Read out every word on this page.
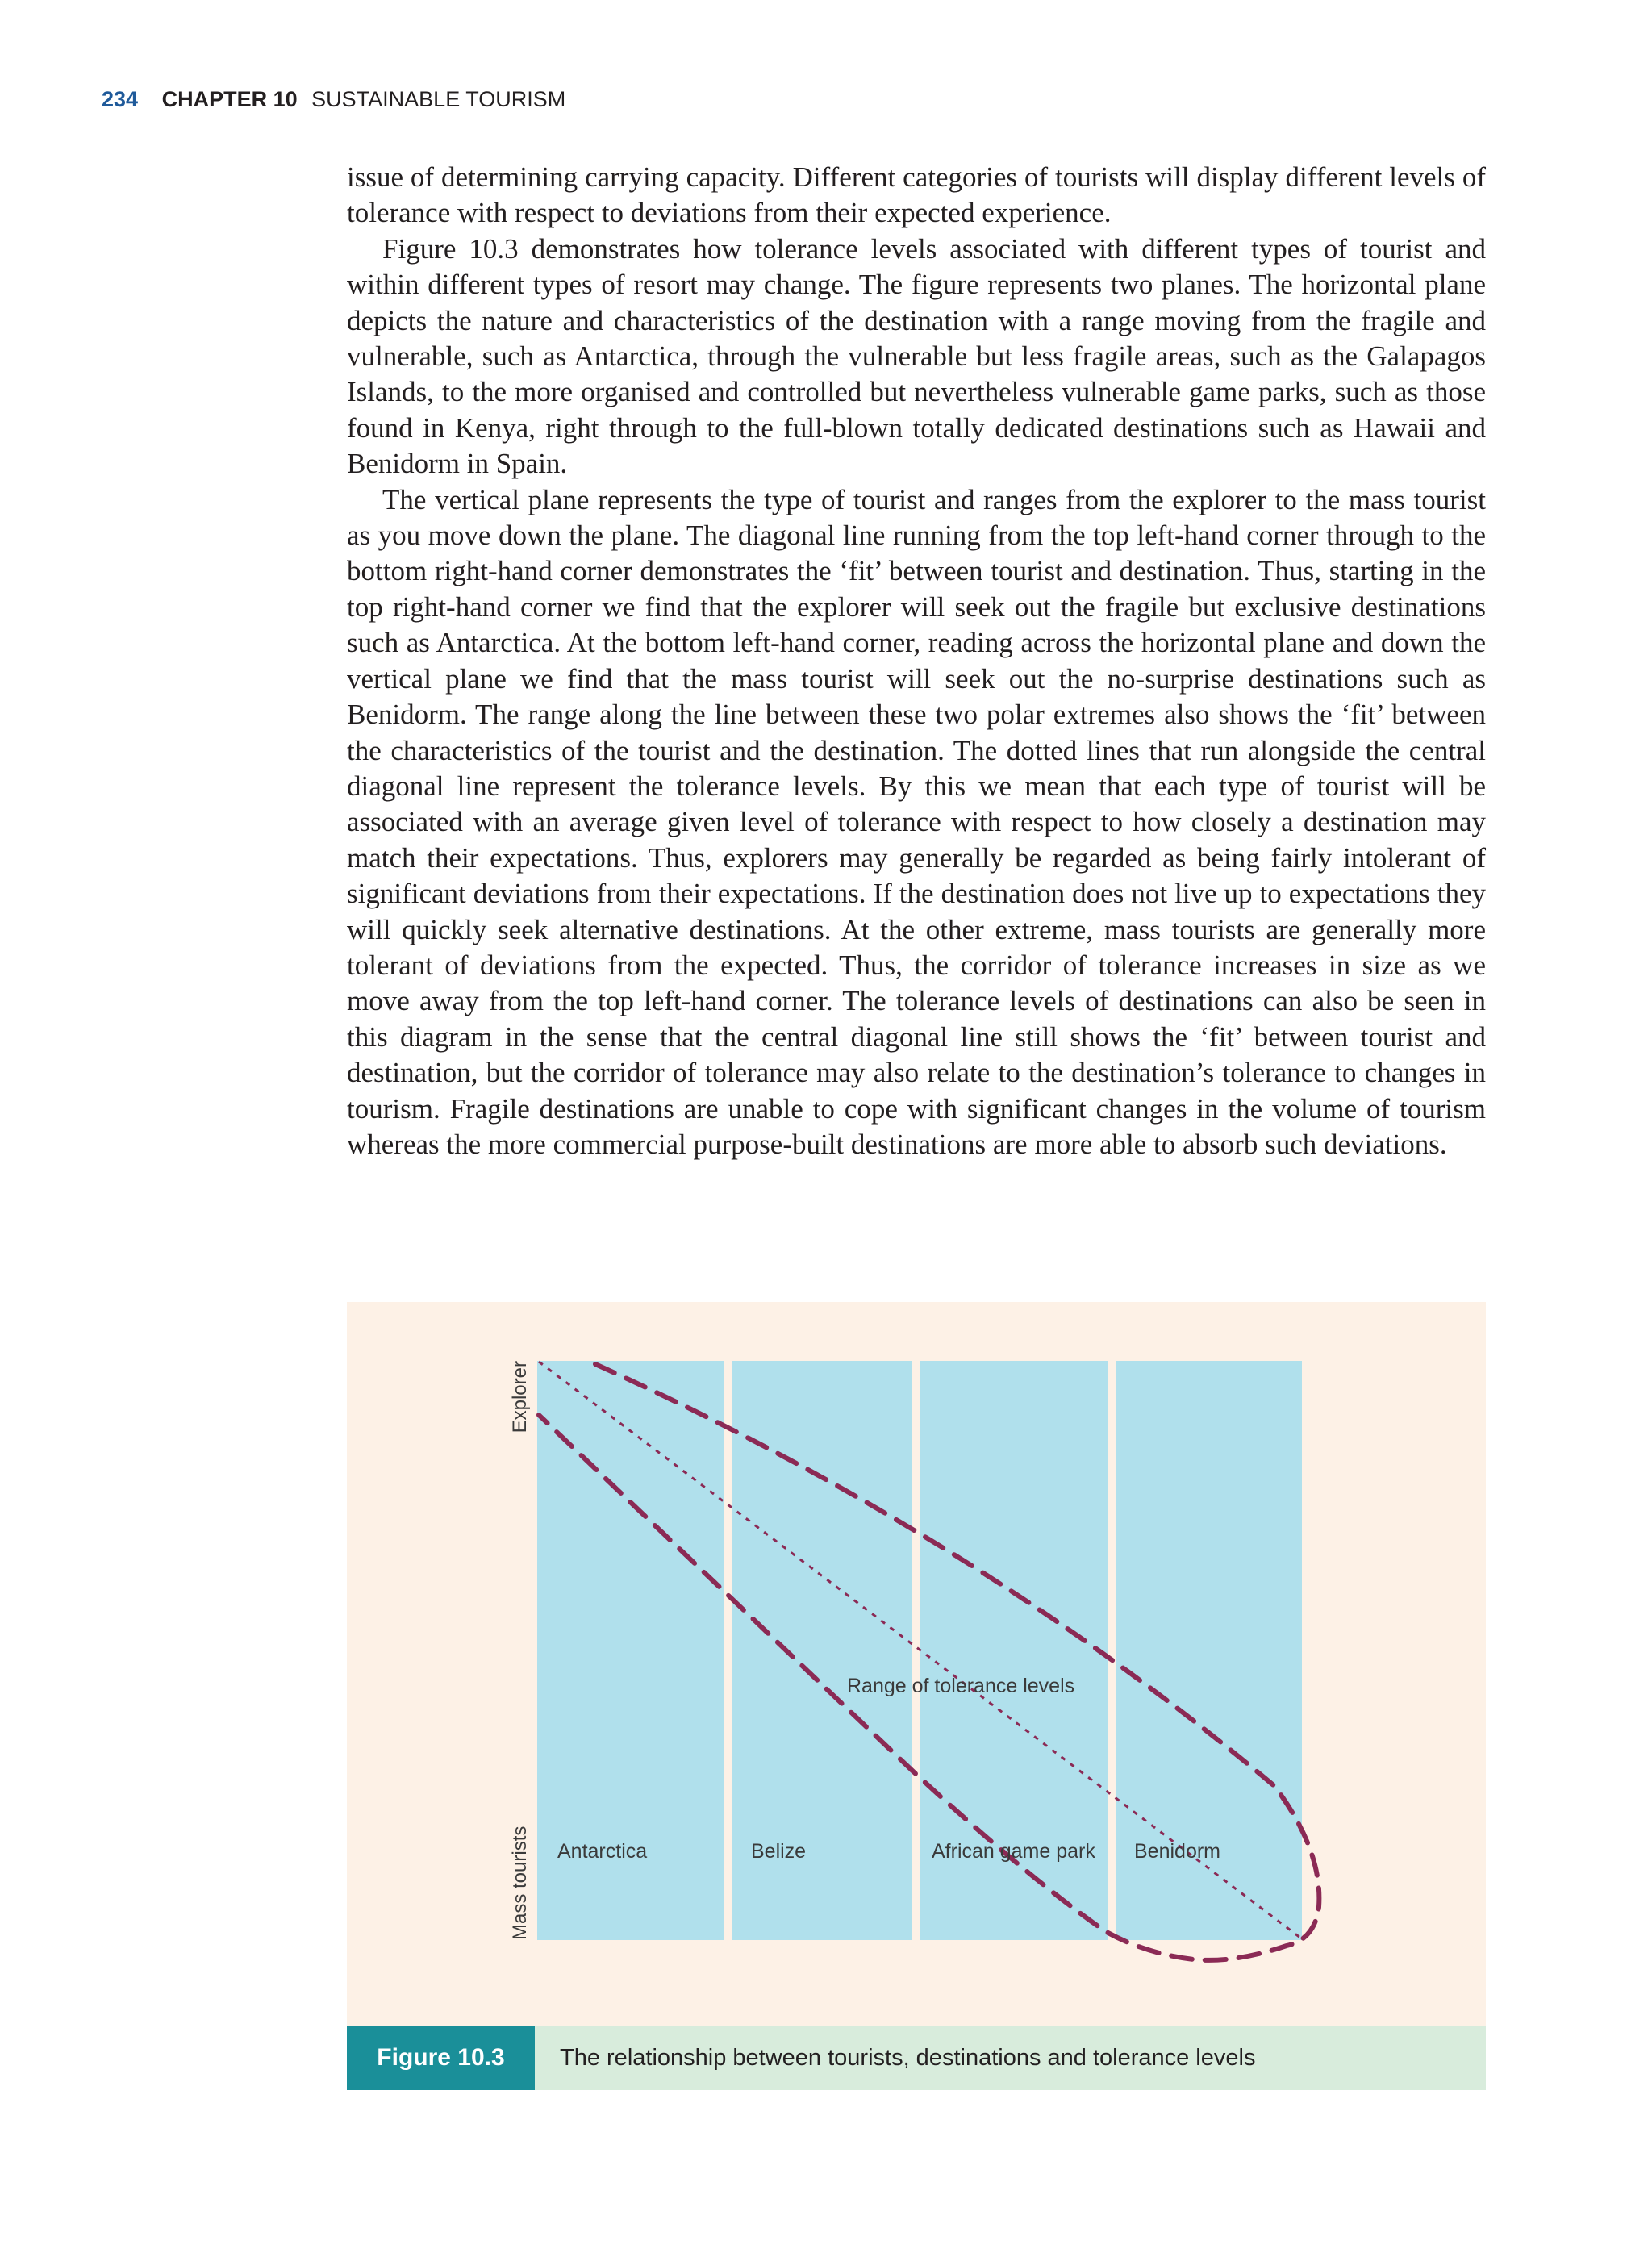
234 CHAPTER 10 SUSTAINABLE TOURISM

issue of determining carrying capacity. Different categories of tourists will display different levels of tolerance with respect to deviations from their expected experience.

Figure 10.3 demonstrates how tolerance levels associated with different types of tourist and within different types of resort may change. The figure represents two planes. The horizontal plane depicts the nature and characteristics of the destination with a range moving from the fragile and vulnerable, such as Antarctica, through the vulnerable but less fragile areas, such as the Galapagos Islands, to the more organised and controlled but nevertheless vulnerable game parks, such as those found in Kenya, right through to the full-blown totally dedicated destinations such as Hawaii and Benidorm in Spain.

The vertical plane represents the type of tourist and ranges from the explorer to the mass tourist as you move down the plane. The diagonal line running from the top left-hand corner through to the bottom right-hand corner demonstrates the ‘fit’ between tourist and destination. Thus, starting in the top right-hand corner we find that the explorer will seek out the fragile but exclusive destinations such as Antarctica. At the bottom left-hand corner, reading across the horizontal plane and down the vertical plane we find that the mass tourist will seek out the no-surprise destinations such as Benidorm. The range along the line between these two polar extremes also shows the ‘fit’ between the characteristics of the tourist and the destination. The dotted lines that run alongside the central diagonal line represent the tolerance levels. By this we mean that each type of tourist will be associated with an average given level of tolerance with respect to how closely a destination may match their expectations. Thus, explorers may generally be regarded as being fairly intolerant of significant deviations from their expectations. If the destination does not live up to expectations they will quickly seek alternative destinations. At the other extreme, mass tourists are generally more tolerant of deviations from the expected. Thus, the corridor of tolerance increases in size as we move away from the top left-hand corner. The tolerance levels of destinations can also be seen in this diagram in the sense that the central diagonal line still shows the ‘fit’ between tourist and destination, but the corridor of tolerance may also relate to the destination’s tolerance to changes in tourism. Fragile destinations are unable to cope with significant changes in the volume of tourism whereas the more commercial purpose-built destinations are more able to absorb such deviations.

Explorer
Mass tourists Antarctica	Belize	African game park Benidorm
Range of tolerance levels
Figure 10.3	The relationship between tourists, destinations and tolerance levels
